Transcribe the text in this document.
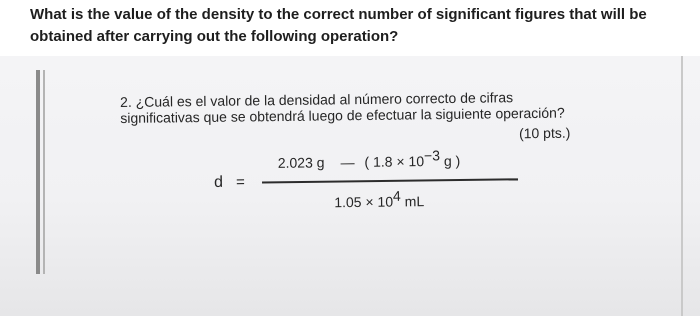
What is the value of the density to the correct number of significant figures that will be obtained after carrying out the following operation?
2. ¿Cuál es el valor de la densidad al número correcto de cifras
significativas que se obtendrá luego de efectuar la siguiente operación?
(10 pts.)
d =
2.023 g — ( $1.8 \times 10^{-3}$ g )
$1.05 \times 10^4$ mL
